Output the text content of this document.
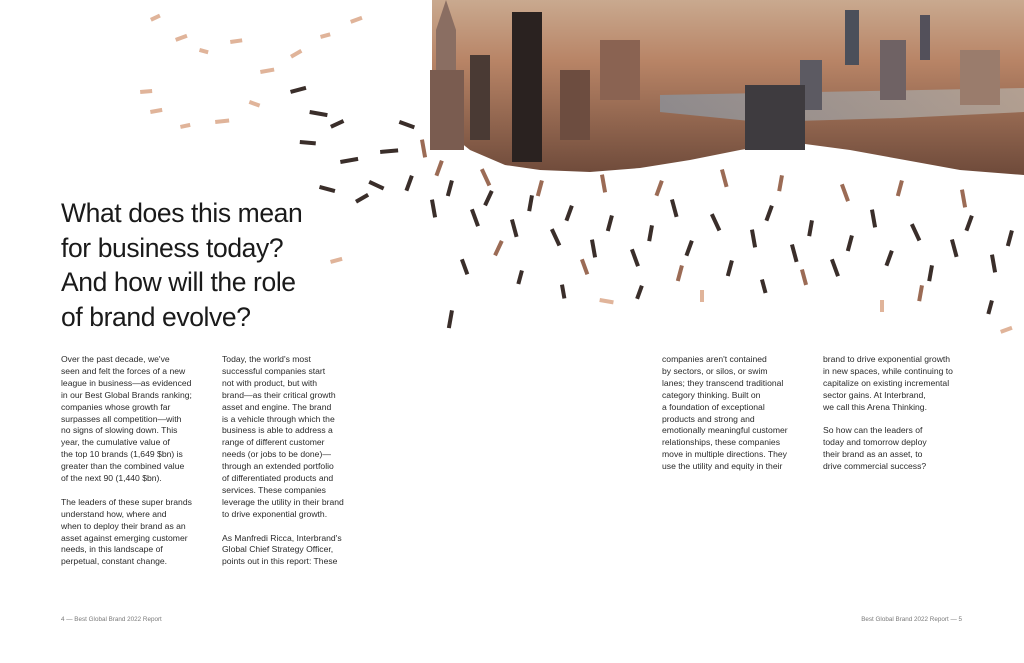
What does this mean
for business today?
And how will the role
of brand evolve?

Over the past decade, we've
seen and felt the forces of a new
league in business—as evidenced
in our Best Global Brands ranking;
companies whose growth far
surpasses all competition—with
no signs of slowing down. This
year, the cumulative value of
the top 10 brands (1,649 $bn) is
greater than the combined value
of the next 90 (1,440 $bn).

The leaders of these super brands
understand how, where and
when to deploy their brand as an
asset against emerging customer
needs, in this landscape of
perpetual, constant change.

Today, the world's most
successful companies start
not with product, but with
brand—as their critical growth
asset and engine. The brand
is a vehicle through which the
business is able to address a
range of different customer
needs (or jobs to be done)—
through an extended portfolio
of differentiated products and
services. These companies
leverage the utility in their brand
to drive exponential growth.

As Manfredi Ricca, Interbrand's
Global Chief Strategy Officer,
points out in this report: These

companies aren't contained
by sectors, or silos, or swim
lanes; they transcend traditional
category thinking. Built on
a foundation of exceptional
products and strong and
emotionally meaningful customer
relationships, these companies
move in multiple directions. They
use the utility and equity in their

brand to drive exponential growth
in new spaces, while continuing to
capitalize on existing incremental
sector gains. At Interbrand,
we call this Arena Thinking.

So how can the leaders of
today and tomorrow deploy
their brand as an asset, to
drive commercial success?

4 — Best Global Brand 2022 Report	Best Global Brand 2022 Report — 5
